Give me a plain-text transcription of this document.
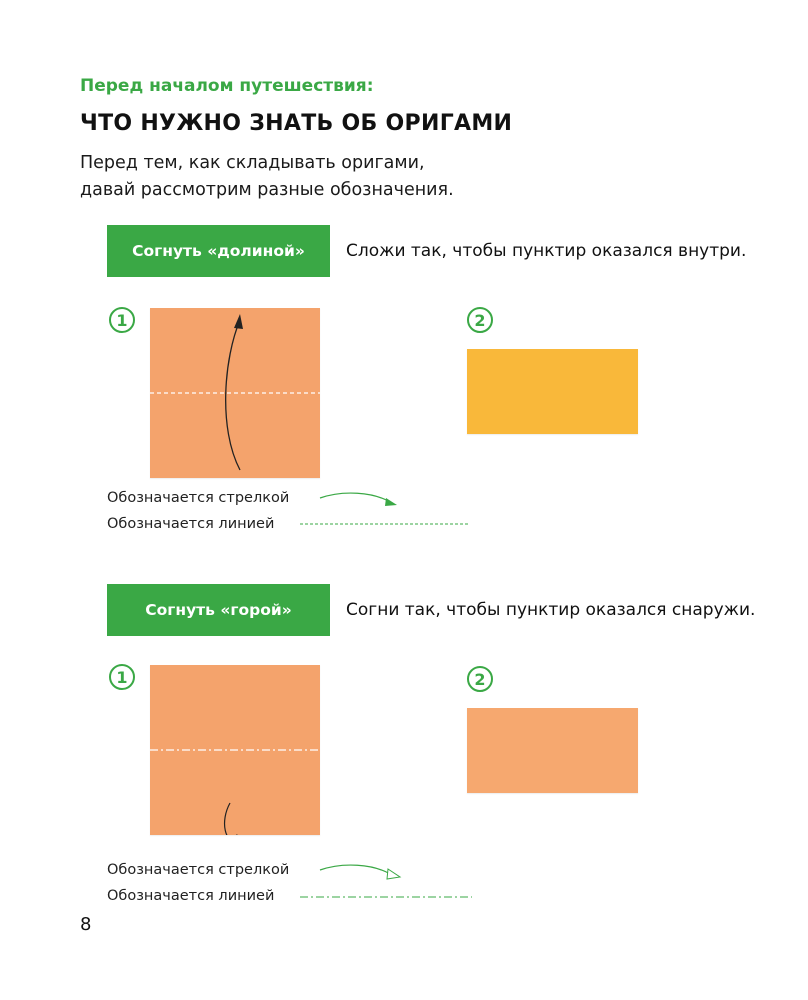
Перед началом путешествия:
ЧТО НУЖНО ЗНАТЬ ОБ ОРИГАМИ
Перед тем, как складывать оригами,
давай рассмотрим разные обозначения.
Согнуть «долиной»	Сложи так, чтобы пунктир оказался внутри.
1	2
Обозначается стрелкой
Обозначается линией
Согнуть «горой»	Согни так, чтобы пунктир оказался снаружи.
1	2
Обозначается стрелкой
Обозначается линией
8
